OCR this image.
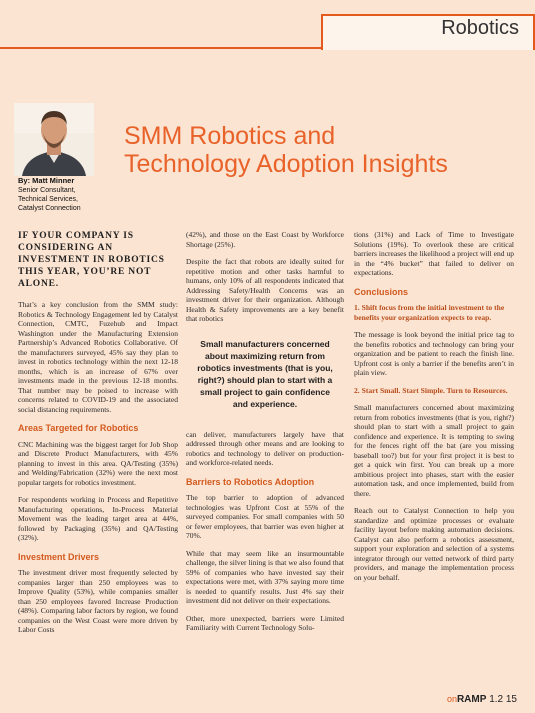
Robotics
By: Matt Minner
Senior Consultant,
Technical Services,
Catalyst Connection
SMM Robotics and
Technology Adoption Insights

IF YOUR COMPANY IS CONSIDERING AN INVESTMENT IN ROBOTICS THIS YEAR, YOU’RE NOT ALONE.

That’s a key conclusion from the SMM study: Robotics & Technology Engagement led by Catalyst Connection, CMTC, Fuzehub and Impact Washington under the Manufacturing Extension Partnership’s Advanced Robotics Collaborative. Of the manufacturers surveyed, 45% say they plan to invest in robotics technology within the next 12-18 months, which is an increase of 67% over investments made in the previous 12-18 months. That number may be poised to increase with concerns related to COVID-19 and the associated social distancing requirements.

Areas Targeted for Robotics

CNC Machining was the biggest target for Job Shop and Discrete Product Manufacturers, with 45% planning to invest in this area. QA/Testing (35%) and Welding/Fabrication (32%) were the next most popular targets for robotics investment.

For respondents working in Process and Repetitive Manufacturing operations, In-Process Material Movement was the leading target area at 44%, followed by Packaging (35%) and QA/Testing (32%).

Investment Drivers

The investment driver most frequently selected by companies larger than 250 employees was to Improve Quality (53%), while companies smaller than 250 employees favored Increase Production (48%). Comparing labor factors by region, we found companies on the West Coast were more driven by Labor Costs

(42%), and those on the East Coast by Workforce Shortage (25%).

Despite the fact that robots are ideally suited for repetitive motion and other tasks harmful to humans, only 10% of all respondents indicated that Addressing Safety/Health Concerns was an investment driver for their organization. Although Health & Safety improvements are a key benefit that robotics

Small manufacturers concerned about maximizing return from robotics investments (that is you, right?) should plan to start with a small project to gain confidence and experience.

can deliver, manufacturers largely have that addressed through other means and are looking to robotics and technology to deliver on production- and workforce-related needs.

Barriers to Robotics Adoption

The top barrier to adoption of advanced technologies was Upfront Cost at 55% of the surveyed companies. For small companies with 50 or fewer employees, that barrier was even higher at 70%.

While that may seem like an insurmountable challenge, the silver lining is that we also found that 59% of companies who have invested say their expectations were met, with 37% saying more time is needed to quantify results. Just 4% say their investment did not deliver on their expectations.

Other, more unexpected, barriers were Limited Familiarity with Current Technology Solu-

tions (31%) and Lack of Time to Investigate Solutions (19%). To overlook these are critical barriers increases the likelihood a project will end up in the “4% bucket” that failed to deliver on expectations.

Conclusions

1. Shift focus from the initial investment to the benefits your organization expects to reap.

The message is look beyond the initial price tag to the benefits robotics and technology can bring your organization and be patient to reach the finish line. Upfront cost is only a barrier if the benefits aren’t in plain view.

2. Start Small. Start Simple. Turn to Resources.

Small manufacturers concerned about maximizing return from robotics investments (that is you, right?) should plan to start with a small project to gain confidence and experience. It is tempting to swing for the fences right off the bat (are you missing baseball too?) but for your first project it is best to get a quick win first. You can break up a more ambitious project into phases, start with the easier automation task, and once implemented, build from there.

Reach out to Catalyst Connection to help you standardize and optimize processes or evaluate facility layout before making automation decisions. Catalyst can also perform a robotics assessment, support your exploration and selection of a systems integrator through our vetted network of third party providers, and manage the implementation process on your behalf.

onRAMP 1.2 15
